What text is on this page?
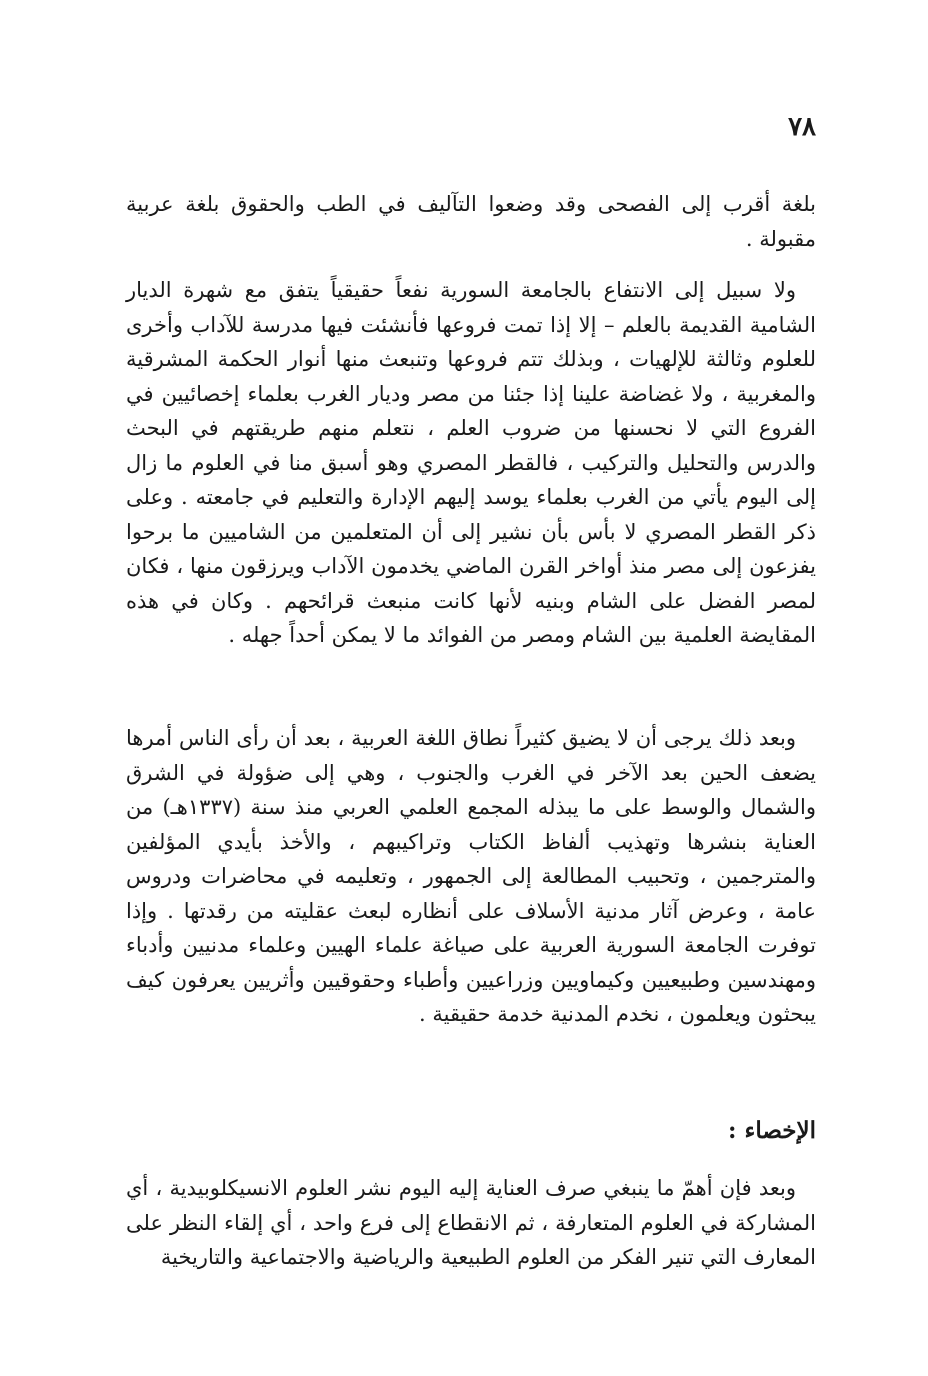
٧٨

بلغة أقرب إلى الفصحى وقد وضعوا التآليف في الطب والحقوق بلغة عربية مقبولة .

ولا سبيل إلى الانتفاع بالجامعة السورية نفعاً حقيقياً يتفق مع شهرة الديار الشامية القديمة بالعلم – إلا إذا تمت فروعها فأنشئت فيها مدرسة للآداب وأخرى للعلوم وثالثة للإلهيات ، وبذلك تتم فروعها وتنبعث منها أنوار الحكمة المشرقية والمغربية ، ولا غضاضة علينا إذا جئنا من مصر وديار الغرب بعلماء إخصائيين في الفروع التي لا نحسنها من ضروب العلم ، نتعلم منهم طريقتهم في البحث والدرس والتحليل والتركيب ، فالقطر المصري وهو أسبق منا في العلوم ما زال إلى اليوم يأتي من الغرب بعلماء يوسد إليهم الإدارة والتعليم في جامعته . وعلى ذكر القطر المصري لا بأس بأن نشير إلى أن المتعلمين من الشاميين ما برحوا يفزعون إلى مصر منذ أواخر القرن الماضي يخدمون الآداب ويرزقون منها ، فكان لمصر الفضل على الشام وبنيه لأنها كانت منبعث قرائحهم . وكان في هذه المقايضة العلمية بين الشام ومصر من الفوائد ما لا يمكن أحداً جهله .

وبعد ذلك يرجى أن لا يضيق كثيراً نطاق اللغة العربية ، بعد أن رأى الناس أمرها يضعف الحين بعد الآخر في الغرب والجنوب ، وهي إلى ضؤولة في الشرق والشمال والوسط على ما يبذله المجمع العلمي العربي منذ سنة (١٣٣٧هـ) من العناية بنشرها وتهذيب ألفاظ الكتاب وتراكيبهم ، والأخذ بأيدي المؤلفين والمترجمين ، وتحبيب المطالعة إلى الجمهور ، وتعليمه في محاضرات ودروس عامة ، وعرض آثار مدنية الأسلاف على أنظاره لبعث عقليته من رقدتها . وإذا توفرت الجامعة السورية العربية على صياغة علماء الهيين وعلماء مدنيين وأدباء ومهندسين وطبيعيين وكيماويين وزراعيين وأطباء وحقوقيين وأثريين يعرفون كيف يبحثون ويعلمون ، نخدم المدنية خدمة حقيقية .

الإخصاء :

وبعد فإن أهمّ ما ينبغي صرف العناية إليه اليوم نشر العلوم الانسيكلوبيدية ، أي المشاركة في العلوم المتعارفة ، ثم الانقطاع إلى فرع واحد ، أي إلقاء النظر على المعارف التي تنير الفكر من العلوم الطبيعية والرياضية والاجتماعية والتاريخية
